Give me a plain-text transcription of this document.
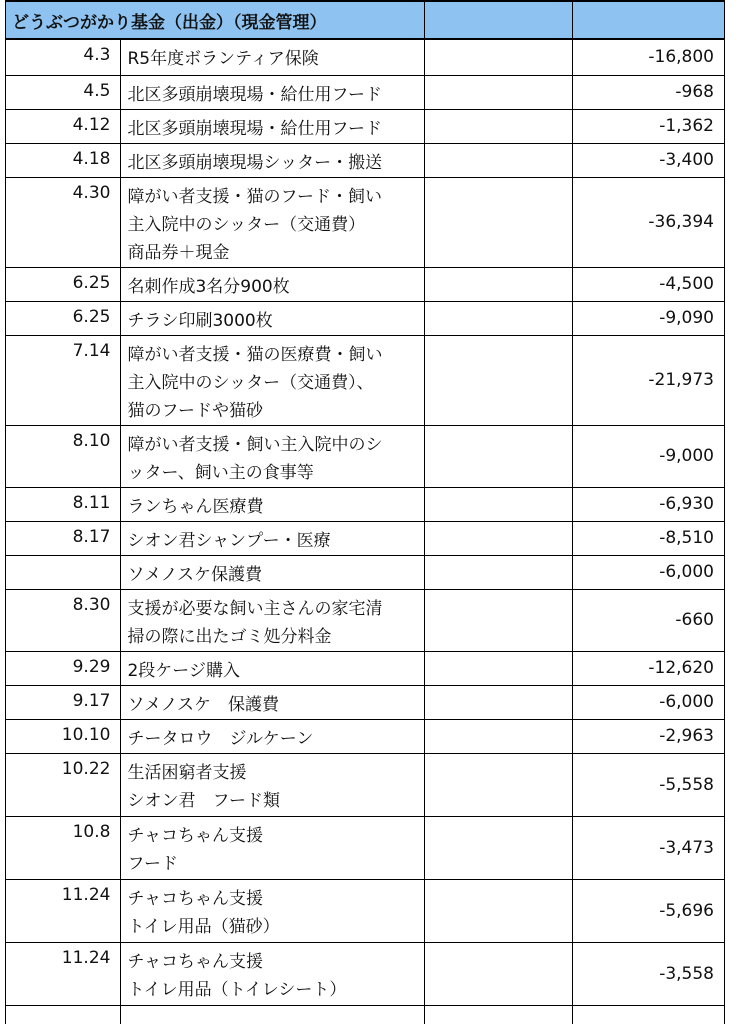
どうぶつがかり基金（出金）（現金管理）			
4.3	R5年度ボランティア保険		-16,800
4.5	北区多頭崩壊現場・給仕用フード		-968
4.12	北区多頭崩壊現場・給仕用フード		-1,362
4.18	北区多頭崩壊現場シッター・搬送		-3,400
4.30	障がい者支援・猫のフード・飼い
主入院中のシッター（交通費）
商品券＋現金		-36,394
6.25	名刺作成3名分900枚		-4,500
6.25	チラシ印刷3000枚		-9,090
7.14	障がい者支援・猫の医療費・飼い
主入院中のシッター（交通費）、
猫のフードや猫砂		-21,973
8.10	障がい者支援・飼い主入院中のシ
ッター、飼い主の食事等		-9,000
8.11	ランちゃん医療費		-6,930
8.17	シオン君シャンプー・医療		-8,510

	ソメノスケ保護費		-6,000
8.30	支援が必要な飼い主さんの家宅清
掃の際に出たゴミ処分料金		-660
9.29	2段ケージ購入		-12,620
9.17	ソメノスケ　保護費		-6,000
10.10	チータロウ　ジルケーン		-2,963
10.22	生活困窮者支援
シオン君　フード類		-5,558
10.8	チャコちゃん支援
フード		-3,473
11.24	チャコちゃん支援
トイレ用品（猫砂）		-5,696
11.24	チャコちゃん支援
トイレ用品（トイレシート）		-3,558
